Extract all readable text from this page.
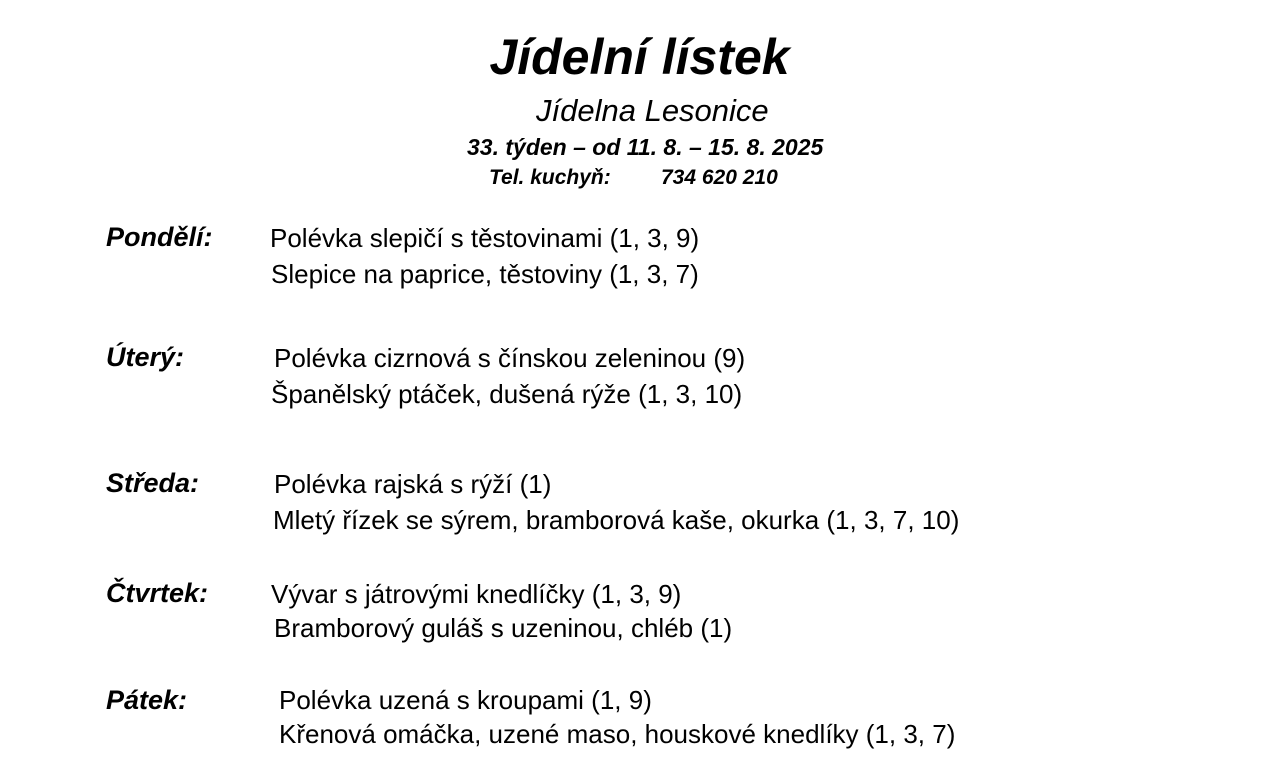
Jídelní lístek
Jídelna Lesonice
33. týden – od 11. 8. – 15. 8. 2025
Tel. kuchyň: 734 620 210
Pondělí: Polévka slepičí s těstovinami (1, 3, 9)
Slepice na paprice, těstoviny (1, 3, 7)
Úterý:	Polévka cizrnová s čínskou zeleninou (9)
Španělský ptáček, dušená rýže (1, 3, 10)
Středa:	Polévka rajská s rýží (1)
Mletý řízek se sýrem, bramborová kaše, okurka (1, 3, 7, 10)
Čtvrtek: Vývar s játrovými knedlíčky (1, 3, 9)
Bramborový guláš s uzeninou, chléb (1)
Pátek:	Polévka uzená s kroupami (1, 9)
Křenová omáčka, uzené maso, houskové knedlíky (1, 3, 7)
